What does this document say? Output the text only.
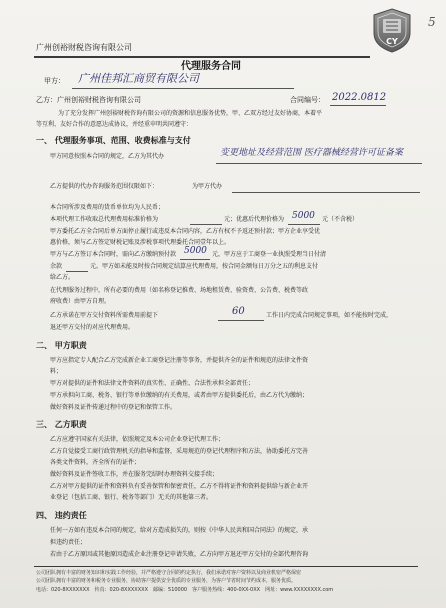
广州创裕财税咨询有限公司
CY
5
代理服务合同
甲方： 广州佳邦汇商贸有限公司
乙方：广州创裕财税咨询有限公司	合同编号： 2022.0812
为了充分发挥广州创裕财税咨询有限公司的资源和信息服务优势，甲、乙双方经过友好协商，本着平
等互利、友好合作的意愿达成协议，并经重申明共同遵守：
一、 代理服务事项、范围、收费标准与支付
甲方同意按照本合同的规定，乙方为其代办	变更地址及经营范围 医疗器械经营许可证备案
乙方提供的代办咨询服务范围仅限如下：	为甲方代办
本合同所涉及费用的货币单位均为人民币；
本项代理工作收取总代理费用标准价格为	元；优惠后代理价格为 5000 元（不含税）
甲方委托乙方全合同后单方面停止履行或违反本合同内容，乙方有权不予返还预付款；甲方企业享受优
惠价格，须与乙方签定财税记账及涉税事项代理委托合同壹年以上。
甲方与乙方签订本合同时，需向乙方缴纳预付款 5000 元，甲方应于工商登一业执照受理当日付清
余款	元。甲方如未能及时按合同规定结算应代理费用，按合同金额每日万分之五的利息支付
给乙方。
在代理服务过程中，所有必要的费用（如名称登记推费、场地租赁费、验资费、公告费、税费等政
府收费）由甲方自理。
乙方承诺在甲方交付资料所需费用前提下	60	工作日内完成合同规定事项，如不能按时完成，
退还甲方交付的对应代理费用。
二、 甲方职责
甲方应指定专人配合乙方完成新企业工商登记注册等事务，并提供齐全的证件和规范的法律文件资
料；
甲方对提供的证件和法律文件资料的真实性、正确性、合法性承担全部责任；
甲方承担向工商、税务、银行等单位缴纳的有关费用，或者由甲方提供委托后，由乙方代为缴纳；
做好资料及证件传递过程中的登记和保管工作。
三、 乙方职责
乙方应遵守国家有关法律，依照规定及本公司企业登记代理工作；
乙方自觉接受工商行政管理机关的指导和监督，采用规范的登记代理程序和方法，协助委托方完善
各类文件资料，齐全所有的证件；
做好资料及证件签收工作，并在服务完结时办理资料交接手续；
乙方对甲方提供的证件和资料负有妥善保管和保密责任，乙方不得将证件和资料提供给与新企业开
业登记（包括工商、银行、税务等部门）无关的其他第三者。
四、 违约责任
任何一方如有违反本合同的规定，给对方造成损失的，则按《中华人民共和国合同法》的规定，承
担违约责任；
若由于乙方原因或其他原因造成企业注册登记申请失败，乙方向甲方退还甲方交付的全部代理咨询
公司团队拥有丰富的财务知识和实践工作经验，并严格遵守合同的约定执行，我们承诺对客户资料以及商业机密严格保密
公司团队拥有丰富的财务和税务专业服务，协助客户提供安全优质的专业服务，为客户节省时间节约成本，服务优质。
电话：020-8XXXXXXX　传真：020-8XXXXXXX　邮编：510000　客户服务热线：400-0XX-0XX　网址：www.XXXXXXXX.com
